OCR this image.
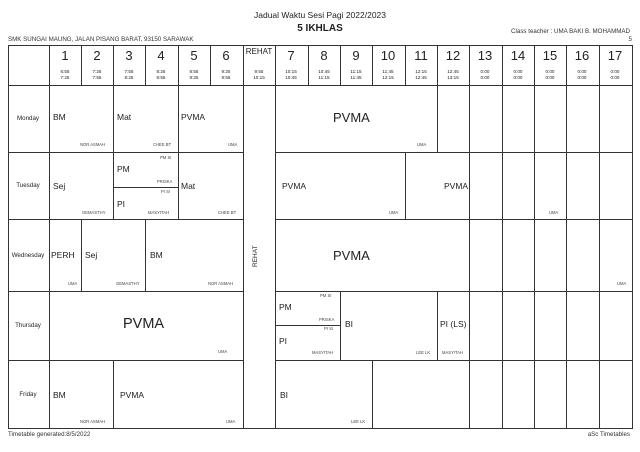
Jadual Waktu Sesi Pagi 2022/2023
5 IKHLAS
SMK SUNGAI MAUNG, JALAN PISANG BARAT, 93150 SARAWAK
Class teacher : UMA BAKI B. MOHAMMAD
5
1
6:55
7:25
2
7:25
7:55
3
7:55
8:25
4
8:25
8:55
5
8:55
9:25
6
9:25
9:55
REHAT
9:55
10:15
7
10:15
10:45
8
10:45
11:15
9
11:15
11:45
10
11:45
12:15
11
12:15
12:45
12
12:45
13:15
13
0:00
0:00
14
0:00
0:00
15
0:00
0:00
16
0:00
0:00
17
0:00
0:00
Monday
Tuesday
Wednesday
Thursday
Friday
REHAT
BM
NOR ASMAH
Mat
CHEE BT
PVMA
UMA
PVMA
UMA
Sej
GEMASTHY
PM SI
PM
PRISKA
PI SI
PI
MASYITAH
Mat
CHEE BT
PVMA
UMA
PVMA
UMA
PERH
UMA
Sej
GEMASTHY
BM
NOR ASMAH
PVMA
UMA
PVMA
UMA
PM SI
PM
PRISKA
PI SI
PI
MASYITAH
BI
LEE LK
PI (LS)
MASYITAH
BM
NOR ASMAH
PVMA
UMA
BI
LEE LK
Timetable generated:8/5/2022	aSc Timetables
